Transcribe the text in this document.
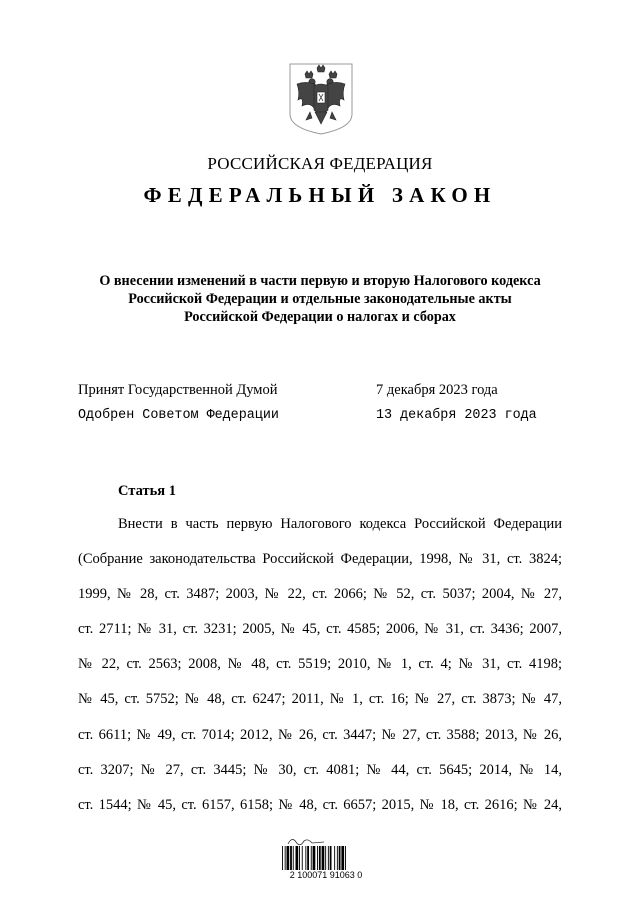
РОССИЙСКАЯ ФЕДЕРАЦИЯ
ФЕДЕРАЛЬНЫЙ ЗАКОН
О внесении изменений в части первую и вторую Налогового кодекса
Российской Федерации и отдельные законодательные акты
Российской Федерации о налогах и сборах
Принят Государственной Думой	7 декабря 2023 года
Одобрен Советом Федерации	13 декабря 2023 года
Статья 1
Внести в часть первую Налогового кодекса Российской Федерации
(Собрание законодательства Российской Федерации, 1998, № 31, ст. 3824;
1999, № 28, ст. 3487; 2003, № 22, ст. 2066; № 52, ст. 5037; 2004, № 27,
ст. 2711; № 31, ст. 3231; 2005, № 45, ст. 4585; 2006, № 31, ст. 3436; 2007,
№ 22, ст. 2563; 2008, № 48, ст. 5519; 2010, № 1, ст. 4; № 31, ст. 4198;
№ 45, ст. 5752; № 48, ст. 6247; 2011, № 1, ст. 16; № 27, ст. 3873; № 47,
ст. 6611; № 49, ст. 7014; 2012, № 26, ст. 3447; № 27, ст. 3588; 2013, № 26,
ст. 3207; № 27, ст. 3445; № 30, ст. 4081; № 44, ст. 5645; 2014, № 14,
ст. 1544; № 45, ст. 6157, 6158; № 48, ст. 6657; 2015, № 18, ст. 2616; № 24,
2 100071 91063 0
